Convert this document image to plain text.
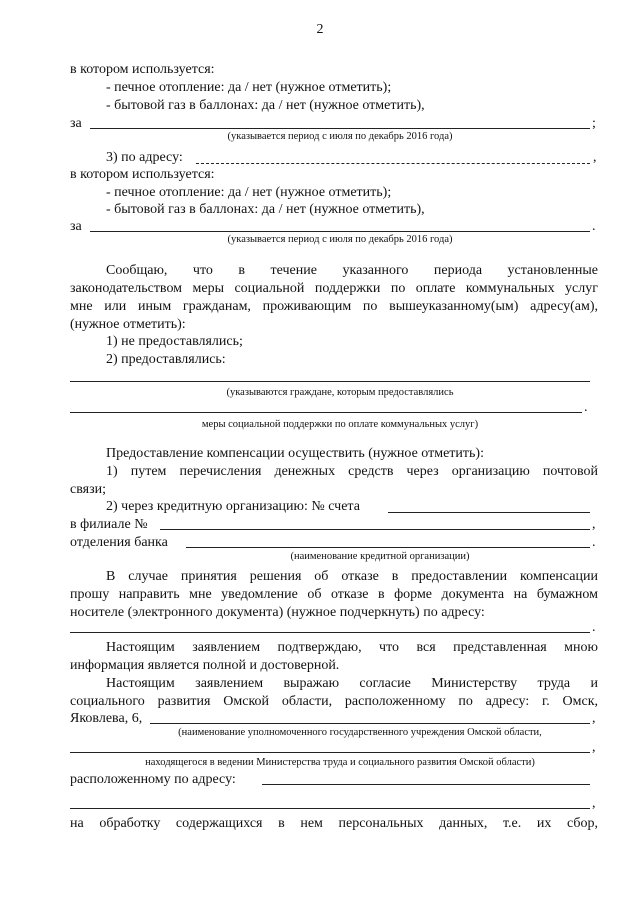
2
в котором используется:
- печное отопление: да / нет (нужное отметить);
- бытовой газ в баллонах: да / нет (нужное отметить),
за	;
(указывается период с июля по декабрь 2016 года)
3) по адресу:	,
в котором используется:
- печное отопление: да / нет (нужное отметить);
- бытовой газ в баллонах: да / нет (нужное отметить),
за	.
(указывается период с июля по декабрь 2016 года)
Сообщаю, что в течение указанного периода установленные
законодательством меры социальной поддержки по оплате коммунальных услуг
мне или иным гражданам, проживающим по вышеуказанному(ым) адресу(ам),
(нужное отметить):
1) не предоставлялись;
2) предоставлялись:
(указываются граждане, которым предоставлялись
.
меры социальной поддержки по оплате коммунальных услуг)
Предоставление компенсации осуществить (нужное отметить):
1) путем перечисления денежных средств через организацию почтовой
связи;
2) через кредитную организацию: № счета
в филиале №	,
отделения банка	.
(наименование кредитной организации)
В случае принятия решения об отказе в предоставлении компенсации
прошу направить мне уведомление об отказе в форме документа на бумажном
носителе (электронного документа) (нужное подчеркнуть) по адресу:
.
Настоящим заявлением подтверждаю, что вся представленная мною
информация является полной и достоверной.
Настоящим заявлением выражаю согласие Министерству труда и
социального развития Омской области, расположенному по адресу: г. Омск,
Яковлева, 6,	,
(наименование уполномоченного государственного учреждения Омской области,
,
находящегося в ведении Министерства труда и социального развития Омской области)
расположенному по адресу:
,
на обработку содержащихся в нем персональных данных, т.е. их сбор,
